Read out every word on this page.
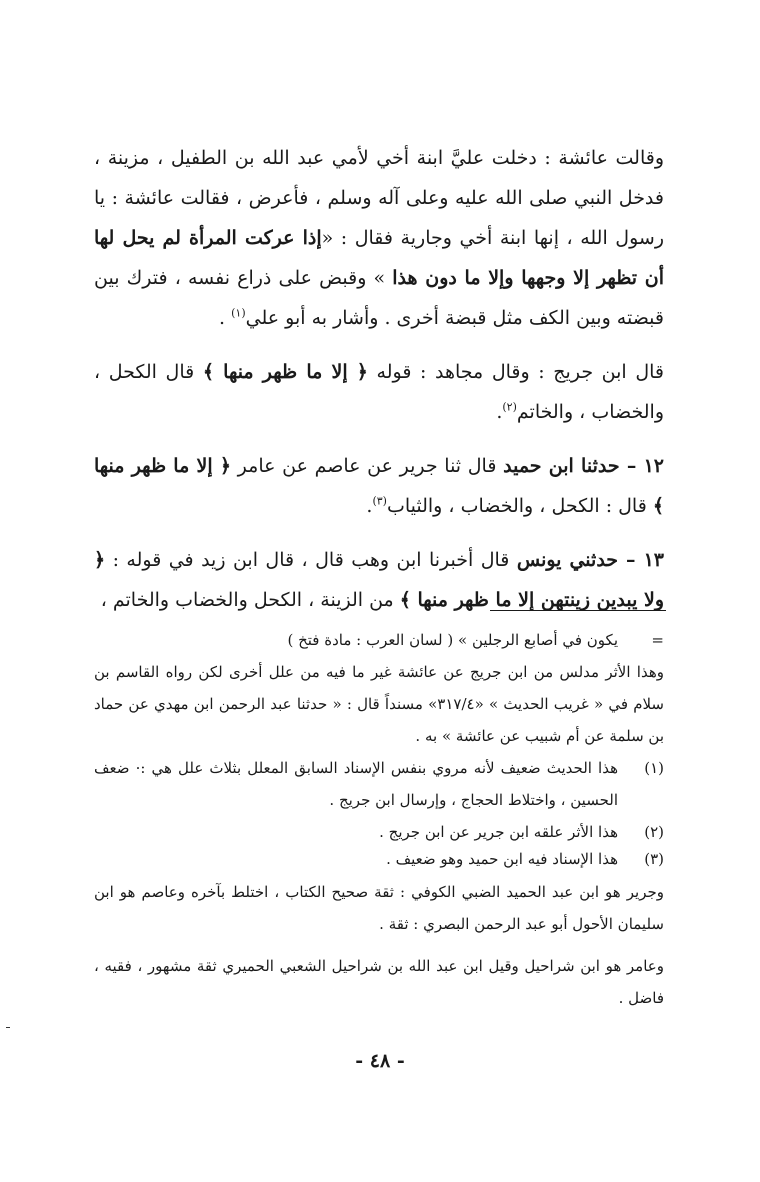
وقالت عائشة : دخلت عليَّ ابنة أخي لأمي عبد الله بن الطفيل ، مزينة ، فدخل النبي صلى الله عليه وعلى آله وسلم ، فأعرض ، فقالت عائشة : يا رسول الله ، إنها ابنة أخي وجارية فقال : «إذا عركت المرأة لم يحل لها أن تظهر إلا وجهها وإلا ما دون هذا » وقبض على ذراع نفسه ، فترك بين قبضته وبين الكف مثل قبضة أخرى . وأشار به أبو علي$^{(١)}$ .

قال ابن جريج : وقال مجاهد : قوله ﴿ إلا ما ظهر منها ﴾ قال الكحل ، والخضاب ، والخاتم$^{(٢)}$.

١٢ – حدثنا ابن حميد قال ثنا جرير عن عاصم عن عامر ﴿ إلا ما ظهر منها ﴾ قال : الكحل ، والخضاب ، والثياب$^{(٣)}$.

١٣ – حدثني يونس قال أخبرنا ابن وهب قال ، قال ابن زيد في قوله : ﴿ ولا يبدين زينتهن إلا ما ظهر منها ﴾ من الزينة ، الكحل والخضاب والخاتم ،

=
يكون في أصابع الرجلين » ( لسان العرب : مادة فتخ )
وهذا الأثر مدلس من ابن جريج عن عائشة غير ما فيه من علل أخرى لكن رواه القاسم بن سلام في « غريب الحديث » «٣١٧/٤» مسنداً قال : « حدثنا عبد الرحمن ابن مهدي عن حماد بن سلمة عن أم شبيب عن عائشة » به .
(١)
هذا الحديث ضعيف لأنه مروي بنفس الإسناد السابق المعلل بثلاث علل هي :· ضعف الحسين ، واختلاط الحجاج ، وإرسال ابن جريج .
(٢)
هذا الأثر علقه ابن جرير عن ابن جريج .
(٣)
هذا الإسناد فيه ابن حميد وهو ضعيف .
وجرير هو ابن عبد الحميد الضبي الكوفي : ثقة صحيح الكتاب ، اختلط بآخره وعاصم هو ابن سليمان الأحول أبو عبد الرحمن البصري : ثقة .
وعامر هو ابن شراحيل وقيل ابن عبد الله بن شراحيل الشعبي الحميري ثقة مشهور ، فقيه ، فاضل .
- ٤٨ -
